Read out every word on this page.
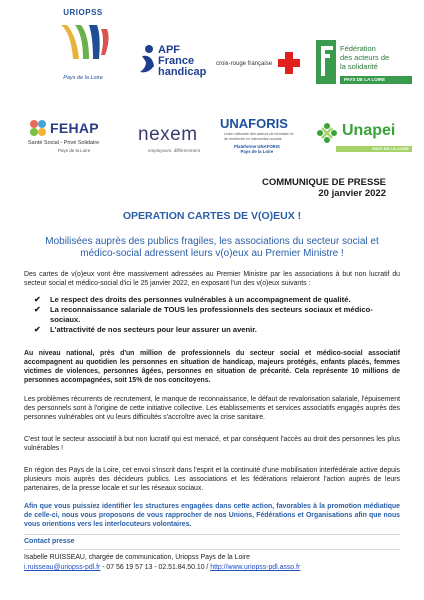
URIOPSS
Pays de la Loire
APF
France
handicap
croix-rouge française
Fédération
des acteurs de
la solidarité
PAYS DE LA LOIRE
FEHAP
Santé Social - Privé Solidaire
Pays de la Loire
nexem
employeurs, différemment
UNAFORIS
Union nationale des acteurs de formation et de recherche en intervention sociale
Plateforme UNAFORIS
Pays de la Loire
Unapei
PAYS DE LA LOIRE
COMMUNIQUE DE PRESSE
20 janvier 2022
OPERATION CARTES DE V(O)EUX !
Mobilisées auprès des publics fragiles, les associations du secteur social et médico-social adressent leurs v(o)eux au Premier Ministre !

Des cartes de v(o)eux vont être massivement adressées au Premier Ministre par les associations à but non lucratif du secteur social et médico-social d'ici le 25 janvier 2022, en exposant l'un des v(o)eux suivants :

✔ Le respect des droits des personnes vulnérables à un accompagnement de qualité.
✔ La reconnaissance salariale de TOUS les professionnels des secteurs sociaux et médico-sociaux.
✔ L'attractivité de nos secteurs pour leur assurer un avenir.

Au niveau national, près d'un million de professionnels du secteur social et médico-social associatif accompagnent au quotidien les personnes en situation de handicap, majeurs protégés, enfants placés, femmes victimes de violences, personnes âgées, personnes en situation de précarité. Cela représente 10 millions de personnes accompagnées, soit 15% de nos concitoyens.

Les problèmes récurrents de recrutement, le manque de reconnaissance, le défaut de revalorisation salariale, l'épuisement des personnels sont à l'origine de cette initiative collective. Les établissements et services associatifs engagés auprès des personnes vulnérables ont vu leurs difficultés s'accroître avec la crise sanitaire.

C'est tout le secteur associatif à but non lucratif qui est menacé, et par conséquent l'accès au droit des personnes les plus vulnérables !

En région des Pays de la Loire, cet envoi s'inscrit dans l'esprit et la continuité d'une mobilisation interfédérale active depuis plusieurs mois auprès des décideurs publics. Les associations et les fédérations relaieront l'action auprès de leurs partenaires, de la presse locale et sur les réseaux sociaux.

Afin que vous puissiez identifier les structures engagées dans cette action, favorables à la promotion médiatique de celle-ci, nous vous proposons de vous rapprocher de nos Unions, Fédérations et Organisations afin que nous vous orientions vers les interlocuteurs volontaires.

Contact presse
Isabelle RUISSEAU, chargée de communication, Uriopss Pays de la Loire
i.ruisseau@uriopss-pdl.fr - 07 56 19 57 13 - 02.51.84.50.10 / http://www.uriopss-pdl.asso.fr
